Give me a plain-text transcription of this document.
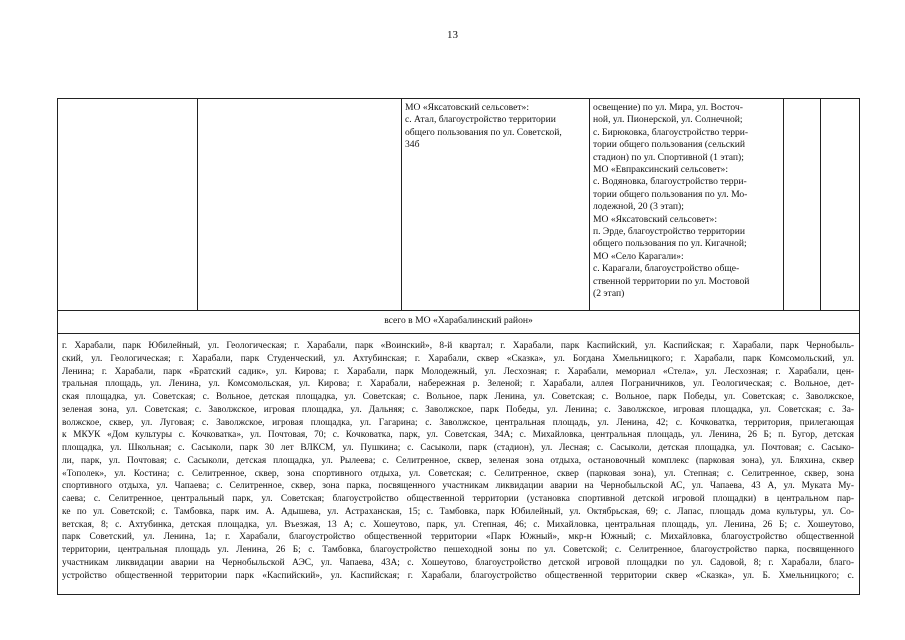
13
МО «Яксатовский сельсовет»:
с. Атал, благоустройство территории
общего пользования по ул. Советской,
34б
освещение) по ул. Мира, ул. Восточ-
ной, ул. Пионерской, ул. Солнечной;
с. Бирюковка, благоустройство терри-
тории общего пользования (сельский
стадион) по ул. Спортивной (1 этап);
МО «Евпраксинский сельсовет»:
с. Водяновка, благоустройство терри-
тории общего пользования по ул. Мо-
лодежной, 20 (3 этап);
МО «Яксатовский сельсовет»:
п. Эрде, благоустройство территории
общего пользования по ул. Кигачной;
МО «Село Карагали»:
с. Карагали, благоустройство обще-
ственной территории по ул. Мостовой
(2 этап)
всего в МО «Харабалинский район»
г. Харабали, парк Юбилейный, ул. Геологическая; г. Харабали, парк «Воинский», 8-й квартал; г. Харабали, парк Каспийский, ул. Каспийская; г. Харабали, парк Чернобыль-
ский, ул. Геологическая; г. Харабали, парк Студенческий, ул. Ахтубинская; г. Харабали, сквер «Сказка», ул. Богдана Хмельницкого; г. Харабали, парк Комсомольский, ул.
Ленина; г. Харабали, парк «Братский садик», ул. Кирова; г. Харабали, парк Молодежный, ул. Лесхозная; г. Харабали, мемориал «Стела», ул. Лесхозная; г. Харабали, цен-
тральная площадь, ул. Ленина, ул. Комсомольская, ул. Кирова; г. Харабали, набережная р. Зеленой; г. Харабали, аллея Пограничников, ул. Геологическая; с. Вольное, дет-
ская площадка, ул. Советская; с. Вольное, детская площадка, ул. Советская; с. Вольное, парк Ленина, ул. Советская; с. Вольное, парк Победы, ул. Советская; с. Заволжское,
зеленая зона, ул. Советская; с. Заволжское, игровая площадка, ул. Дальняя; с. Заволжское, парк Победы, ул. Ленина; с. Заволжское, игровая площадка, ул. Советская; с. За-
волжское, сквер, ул. Луговая; с. Заволжское, игровая площадка, ул. Гагарина; с. Заволжское, центральная площадь, ул. Ленина, 42; с. Кочковатка, территория, прилегающая
к МКУК «Дом культуры с. Кочковатка», ул. Почтовая, 70; с. Кочковатка, парк, ул. Советская, 34А; с. Михайловка, центральная площадь, ул. Ленина, 26 Б; п. Бугор, детская
площадка, ул. Школьная; с. Сасыколи, парк 30 лет ВЛКСМ, ул. Пушкина; с. Сасыколи, парк (стадион), ул. Лесная; с. Сасыколи, детская площадка, ул. Почтовая; с. Сасыко-
ли, парк, ул. Почтовая; с. Сасыколи, детская площадка, ул. Рылеева; с. Селитренное, сквер, зеленая зона отдыха, остановочный комплекс (парковая зона), ул. Бляхина, сквер
«Тополек», ул. Костина; с. Селитренное, сквер, зона спортивного отдыха, ул. Советская; с. Селитренное, сквер (парковая зона), ул. Степная; с. Селитренное, сквер, зона
спортивного отдыха, ул. Чапаева; с. Селитренное, сквер, зона парка, посвященного участникам ликвидации аварии на Чернобыльской АС, ул. Чапаева, 43 А, ул. Муката Му-
саева; с. Селитренное, центральный парк, ул. Советская; благоустройство общественной территории (установка спортивной детской игровой площадки) в центральном пар-
ке по ул. Советской; с. Тамбовка, парк им. А. Адышева, ул. Астраханская, 15; с. Тамбовка, парк Юбилейный, ул. Октябрьская, 69; с. Лапас, площадь дома культуры, ул. Со-
ветская, 8; с. Ахтубинка, детская площадка, ул. Въезжая, 13 А; с. Хошеутово, парк, ул. Степная, 46; с. Михайловка, центральная площадь, ул. Ленина, 26 Б; с. Хошеутово,
парк Советский, ул. Ленина, 1а; г. Харабали, благоустройство общественной территории «Парк Южный», мкр-н Южный; с. Михайловка, благоустройство общественной
территории, центральная площадь ул. Ленина, 26 Б; с. Тамбовка, благоустройство пешеходной зоны по ул. Советской; с. Селитренное, благоустройство парка, посвященного
участникам ликвидации аварии на Чернобыльской АЭС, ул. Чапаева, 43А; с. Хошеутово, благоустройство детской игровой площадки по ул. Садовой, 8; г. Харабали, благо-
устройство общественной территории парк «Каспийский», ул. Каспийская; г. Харабали, благоустройство общественной территории сквер «Сказка», ул. Б. Хмельницкого; с.
